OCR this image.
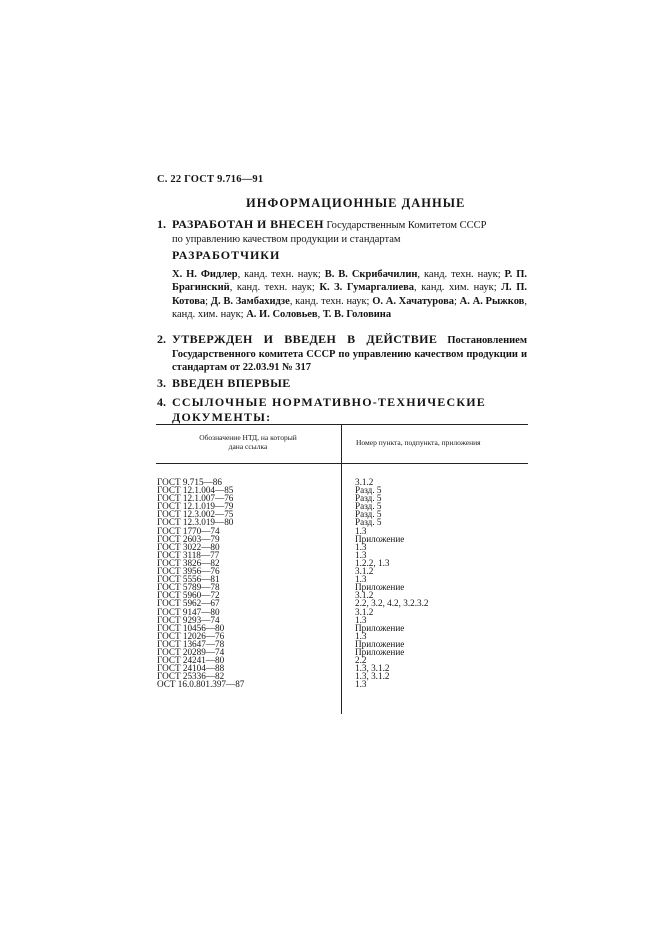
С. 22 ГОСТ 9.716—91
ИНФОРМАЦИОННЫЕ ДАННЫЕ
1. РАЗРАБОТАН И ВНЕСЕН Государственным Комитетом СССР
по управлению качеством продукции и стандартам
РАЗРАБОТЧИКИ
Х. Н. Фидлер, канд. техн. наук; В. В. Скрибачилин, канд. техн. наук; Р. П. Брагинский, канд. техн. наук; К. З. Гумаргалиева, канд. хим. наук; Л. П. Котова; Д. В. Замбахидзе, канд. техн. наук; О. А. Хачатурова; А. А. Рыжков, канд. хим. наук; А. И. Соловьев, Т. В. Головина
2. УТВЕРЖДЕН И ВВЕДЕН В ДЕЙСТВИЕ Постановлением Государственного комитета СССР по управлению качеством продукции и стандартам от 22.03.91 № 317
3. ВВЕДЕН ВПЕРВЫЕ
4. ССЫЛОЧНЫЕ НОРМАТИВНО-ТЕХНИЧЕСКИЕ ДОКУМЕНТЫ:
Обозначение НТД, на который
дана ссылка	Номер пункта, подпункта, приложения
ГОСТ 9.715—86	3.1.2
ГОСТ 12.1.004—85	Разд. 5
ГОСТ 12.1.007—76	Разд. 5
ГОСТ 12.1.019—79	Разд. 5
ГОСТ 12.3.002—75	Разд. 5
ГОСТ 12.3.019—80	Разд. 5
ГОСТ 1770—74	1.3
ГОСТ 2603—79	Приложение
ГОСТ 3022—80	1.3
ГОСТ 3118—77	1.3
ГОСТ 3826—82	1.2.2, 1.3
ГОСТ 3956—76	3.1.2
ГОСТ 5556—81	1.3
ГОСТ 5789—78	Приложение
ГОСТ 5960—72	3.1.2
ГОСТ 5962—67	2.2, 3.2, 4.2, 3.2.3.2
ГОСТ 9147—80	3.1.2
ГОСТ 9293—74	1.3
ГОСТ 10456—80	Приложение
ГОСТ 12026—76	1.3
ГОСТ 13647—78	Приложение
ГОСТ 20289—74	Приложение
ГОСТ 24241—80	2.2
ГОСТ 24104—88	1.3, 3.1.2
ГОСТ 25336—82	1.3, 3.1.2
ОСТ 16.0.801.397—87	1.3
